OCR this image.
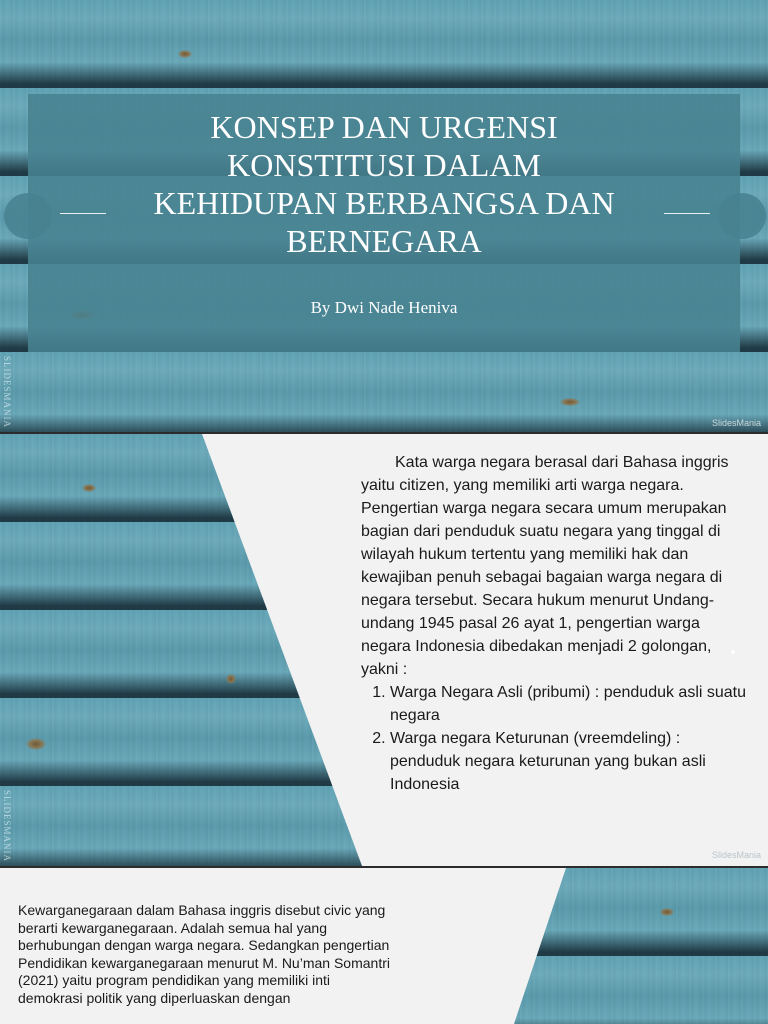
KONSEP DAN URGENSI
KONSTITUSI DALAM
KEHIDUPAN BERBANGSA DAN
BERNEGARA
By Dwi Nade Heniva
SLIDESMANIA	SlidesMania
SLIDESMANIA

Kata warga negara berasal dari Bahasa inggris yaitu citizen, yang memiliki arti warga negara. Pengertian warga negara secara umum merupakan bagian dari penduduk suatu negara yang tinggal di wilayah hukum tertentu yang memiliki hak dan kewajiban penuh sebagai bagaian warga negara di negara tersebut. Secara hukum menurut Undang-undang 1945 pasal 26 ayat 1, pengertian warga negara Indonesia dibedakan menjadi 2 golongan, yakni :

1. Warga Negara Asli (pribumi) : penduduk asli suatu negara
2. Warga negara Keturunan (vreemdeling) : penduduk negara keturunan yang bukan asli Indonesia
SlidesMania

Kewarganegaraan dalam Bahasa inggris disebut civic yang berarti kewarganegaraan. Adalah semua hal yang berhubungan dengan warga negara. Sedangkan pengertian Pendidikan kewarganegaraan menurut M. Nu’man Somantri (2021) yaitu program pendidikan yang memiliki inti demokrasi politik yang diperluaskan dengan
